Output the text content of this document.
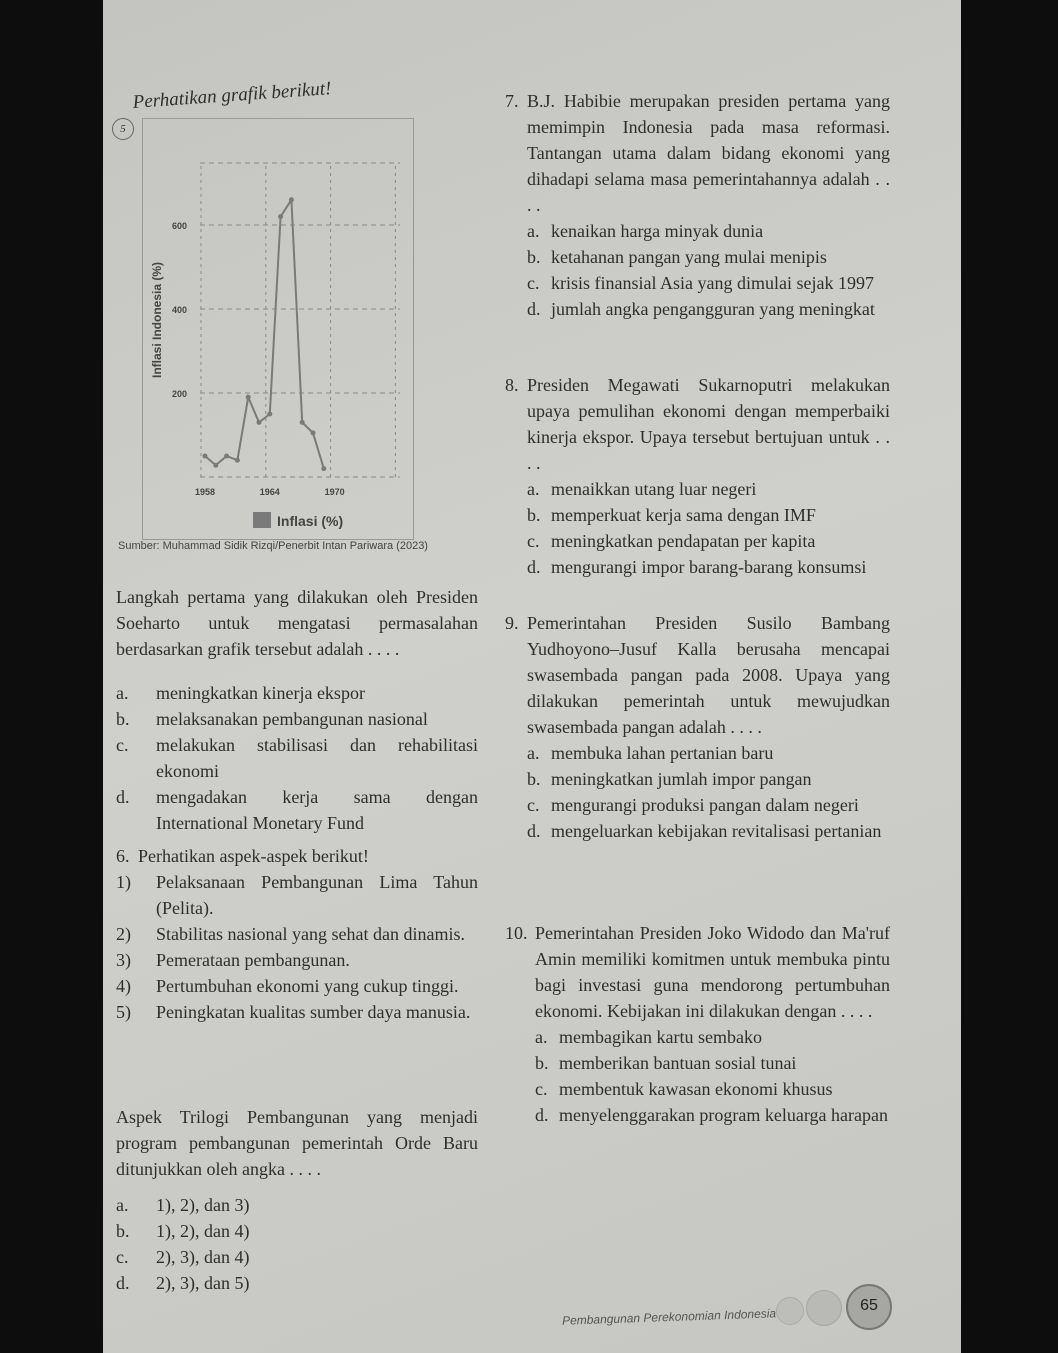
5
Perhatikan grafik berikut!
200
400
600
1958	1964	1970
Inflasi Indonesia (%)
Inflasi (%)
Sumber: Muhammad Sidik Rizqi/Penerbit Intan Pariwara (2023)
Langkah pertama yang dilakukan oleh Presiden Soeharto untuk mengatasi permasalahan berdasarkan grafik tersebut adalah . . . .
a.	meningkatkan kinerja ekspor
b.	melaksanakan pembangunan nasional
c.	melakukan stabilisasi dan rehabilitasi ekonomi
d.	mengadakan kerja sama dengan International Monetary Fund
6. Perhatikan aspek-aspek berikut!
1)	Pelaksanaan Pembangunan Lima Tahun (Pelita).
2)	Stabilitas nasional yang sehat dan dinamis.
3)	Pemerataan pembangunan.
4)	Pertumbuhan ekonomi yang cukup tinggi.
5)	Peningkatan kualitas sumber daya manusia.
Aspek Trilogi Pembangunan yang menjadi program pembangunan pemerintah Orde Baru ditunjukkan oleh angka . . . .
a.	1), 2), dan 3)
b.	1), 2), dan 4)
c.	2), 3), dan 4)
d.	2), 3), dan 5)
7. B.J. Habibie merupakan presiden pertama yang memimpin Indonesia pada masa reformasi. Tantangan utama dalam bidang ekonomi yang dihadapi selama masa pemerintahannya adalah . . . .
a. kenaikan harga minyak dunia
b. ketahanan pangan yang mulai menipis
c. krisis finansial Asia yang dimulai sejak 1997
d. jumlah angka pengangguran yang meningkat
8. Presiden Megawati Sukarnoputri melakukan upaya pemulihan ekonomi dengan memperbaiki kinerja ekspor. Upaya tersebut bertujuan untuk . . . .
a. menaikkan utang luar negeri
b. memperkuat kerja sama dengan IMF
c. meningkatkan pendapatan per kapita
d. mengurangi impor barang-barang konsumsi
9. Pemerintahan Presiden Susilo Bambang Yudhoyono–Jusuf Kalla berusaha mencapai swasembada pangan pada 2008. Upaya yang dilakukan pemerintah untuk mewujudkan swasembada pangan adalah . . . .
a. membuka lahan pertanian baru
b. meningkatkan jumlah impor pangan
c. mengurangi produksi pangan dalam negeri
d. mengeluarkan kebijakan revitalisasi pertanian
10. Pemerintahan Presiden Joko Widodo dan Ma'ruf Amin memiliki komitmen untuk membuka pintu bagi investasi guna mendorong pertumbuhan ekonomi. Kebijakan ini dilakukan dengan . . . .
a. membagikan kartu sembako
b. memberikan bantuan sosial tunai
c. membentuk kawasan ekonomi khusus
d. menyelenggarakan program keluarga harapan
Pembangunan Perekonomian Indonesia
65
